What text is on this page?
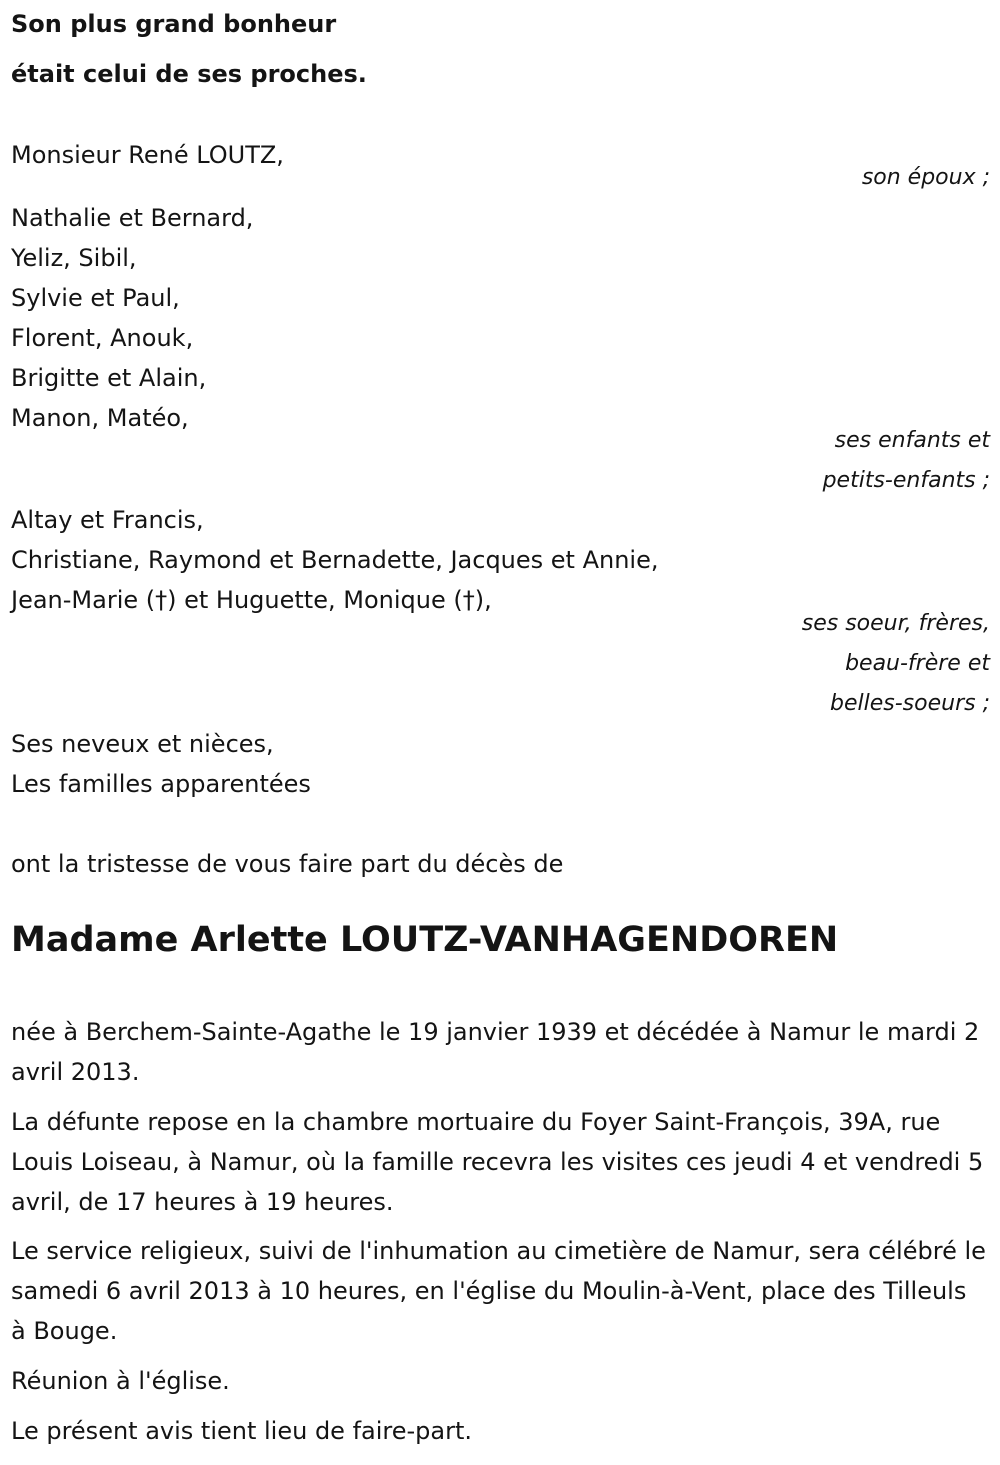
Son plus grand bonheur
était celui de ses proches.
Monsieur René LOUTZ,
son époux ;
Nathalie et Bernard,
Yeliz, Sibil,
Sylvie et Paul,
Florent, Anouk,
Brigitte et Alain,
Manon, Matéo,
ses enfants et
petits-enfants ;
Altay et Francis,
Christiane, Raymond et Bernadette, Jacques et Annie,
Jean-Marie (†) et Huguette, Monique (†),
ses soeur, frères,
beau-frère et
belles-soeurs ;
Ses neveux et nièces,
Les familles apparentées
ont la tristesse de vous faire part du décès de
Madame Arlette LOUTZ-VANHAGENDOREN
née à Berchem-Sainte-Agathe le 19 janvier 1939 et décédée à Namur le mardi 2 avril 2013.
La défunte repose en la chambre mortuaire du Foyer Saint-François, 39A, rue Louis Loiseau, à Namur, où la famille recevra les visites ces jeudi 4 et vendredi 5 avril, de 17 heures à 19 heures.
Le service religieux, suivi de l'inhumation au cimetière de Namur, sera célébré le samedi 6 avril 2013 à 10 heures, en l'église du Moulin-à-Vent, place des Tilleuls à Bouge.
Réunion à l'église.
Le présent avis tient lieu de faire-part.
